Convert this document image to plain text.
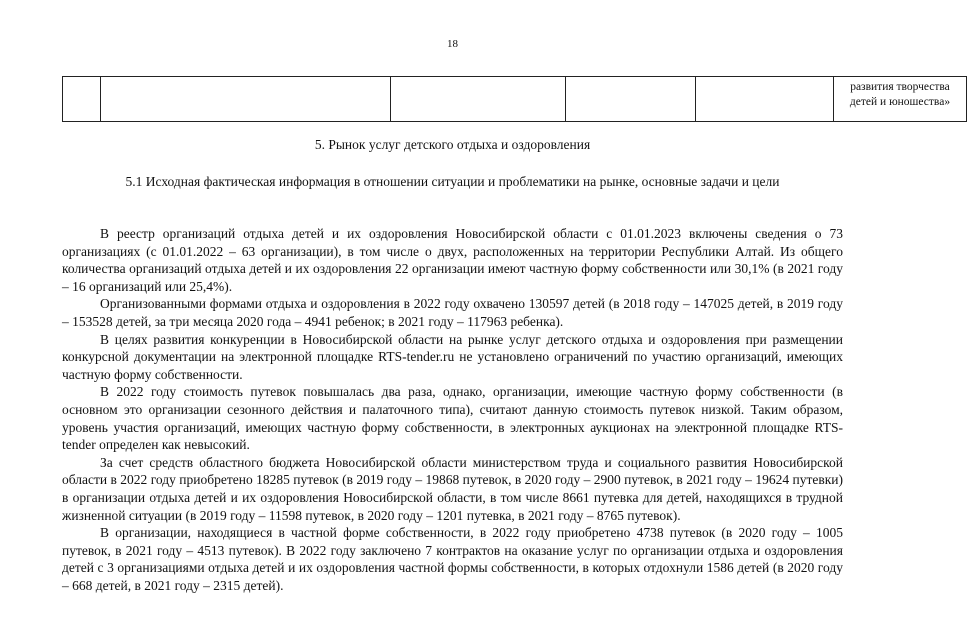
18
					развития творчества детей и юношества»
5. Рынок услуг детского отдыха и оздоровления
5.1 Исходная фактическая информация в отношении ситуации и проблематики на рынке, основные задачи и цели

В реестр организаций отдыха детей и их оздоровления Новосибирской области с 01.01.2023 включены сведения о 73 организациях (с 01.01.2022 – 63 организации), в том числе о двух, расположенных на территории Республики Алтай. Из общего количества организаций отдыха детей и их оздоровления 22 организации имеют частную форму собственности или 30,1% (в 2021 году – 16 организаций или 25,4%).

Организованными формами отдыха и оздоровления в 2022 году охвачено 130597 детей (в 2018 году – 147025 детей, в 2019 году – 153528 детей, за три месяца 2020 года – 4941 ребенок; в 2021 году – 117963 ребенка).

В целях развития конкуренции в Новосибирской области на рынке услуг детского отдыха и оздоровления при размещении конкурсной документации на электронной площадке RTS-tender.ru не установлено ограничений по участию организаций, имеющих частную форму собственности.

В 2022 году стоимость путевок повышалась два раза, однако, организации, имеющие частную форму собственности (в основном это организации сезонного действия и палаточного типа), считают данную стоимость путевок низкой. Таким образом, уровень участия организаций, имеющих частную форму собственности, в электронных аукционах на электронной площадке RTS-tender определен как невысокий.

За счет средств областного бюджета Новосибирской области министерством труда и социального развития Новосибирской области в 2022 году приобретено 18285 путевок (в 2019 году – 19868 путевок, в 2020 году – 2900 путевок, в 2021 году – 19624 путевки) в организации отдыха детей и их оздоровления Новосибирской области, в том числе 8661 путевка для детей, находящихся в трудной жизненной ситуации (в 2019 году – 11598 путевок, в 2020 году – 1201 путевка, в 2021 году – 8765 путевок).

В организации, находящиеся в частной форме собственности, в 2022 году приобретено 4738 путевок (в 2020 году – 1005 путевок, в 2021 году – 4513 путевок). В 2022 году заключено 7 контрактов на оказание услуг по организации отдыха и оздоровления детей с 3 организациями отдыха детей и их оздоровления частной формы собственности, в которых отдохнули 1586 детей (в 2020 году – 668 детей, в 2021 году – 2315 детей).
